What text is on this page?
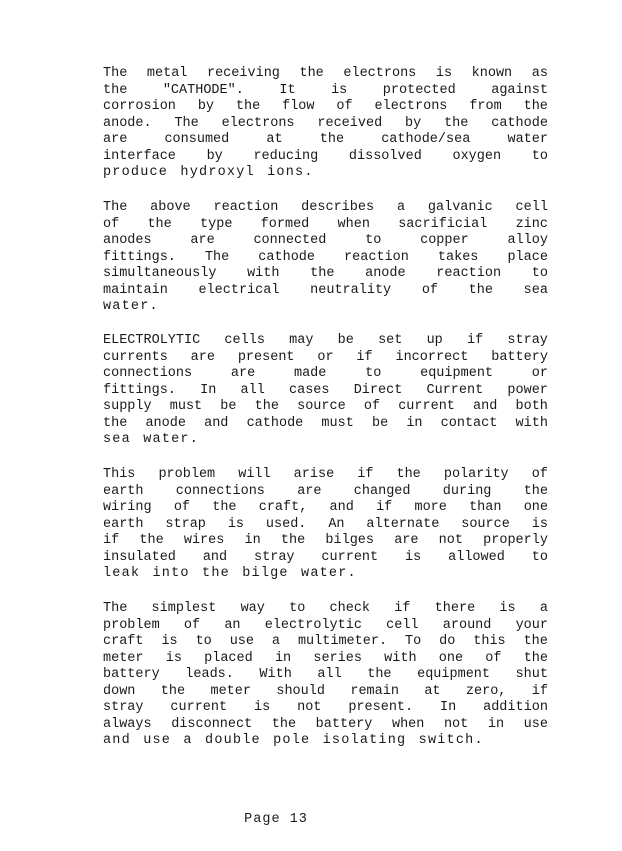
The metal receiving the electrons is known as
the	"CATHODE".	It	is	protected	against
corrosion by the flow of electrons from the
anode. The electrons received by the cathode
are	consumed	at	the	cathode/sea	water
interface by reducing dissolved oxygen to
produce hydroxyl ions.
The above reaction describes a galvanic cell
of the type formed when sacrificial zinc
anodes	are	connected	to	copper	alloy
fittings. The cathode reaction takes place
simultaneously with the anode reaction to
maintain electrical neutrality of the sea
water.
ELECTROLYTIC cells may be set up if stray
currents are present or if incorrect battery
connections	are	made	to	equipment	or
fittings. In all cases Direct Current power
supply must be the source of current and both
the anode and cathode must be in contact with
sea water.
This problem will arise if the polarity of
earth connections are changed during the
wiring of the craft, and if more than one
earth strap is used. An alternate source is
if the wires in the bilges are not properly
insulated and stray current is allowed to
leak into the bilge water.
The simplest way to check if there is a
problem of an electrolytic cell around your
craft is to use a multimeter. To do this the
meter is placed in series with one of the
battery leads. With all the equipment shut
down the meter should remain at zero, if
stray current is not present. In addition
always disconnect the battery when not in use
and use a double pole isolating switch.
Page 13
